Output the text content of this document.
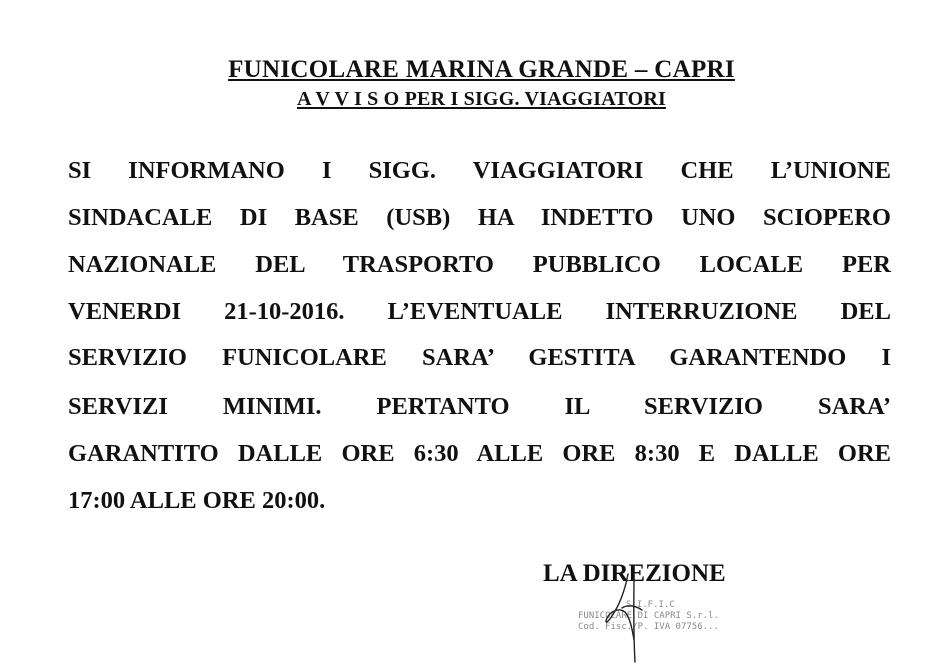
FUNICOLARE MARINA GRANDE – CAPRI
A V V I S O PER I SIGG. VIAGGIATORI
SI INFORMANO I SIGG. VIAGGIATORI CHE L’UNIONE
SINDACALE DI BASE (USB) HA INDETTO UNO SCIOPERO
NAZIONALE DEL TRASPORTO PUBBLICO LOCALE PER
VENERDI 21-10-2016. L’EVENTUALE INTERRUZIONE DEL
SERVIZIO FUNICOLARE SARA’ GESTITA GARANTENDO I
SERVIZI MINIMI. PERTANTO IL SERVIZIO SARA’
GARANTITO DALLE ORE 6:30 ALLE ORE 8:30 E DALLE ORE
17:00 ALLE ORE 20:00.
LA DIREZIONE
S.I.F.I.C
FUNICOLARE DI CAPRI S.r.l.
Cod. Fisc./P. IVA 07756...
